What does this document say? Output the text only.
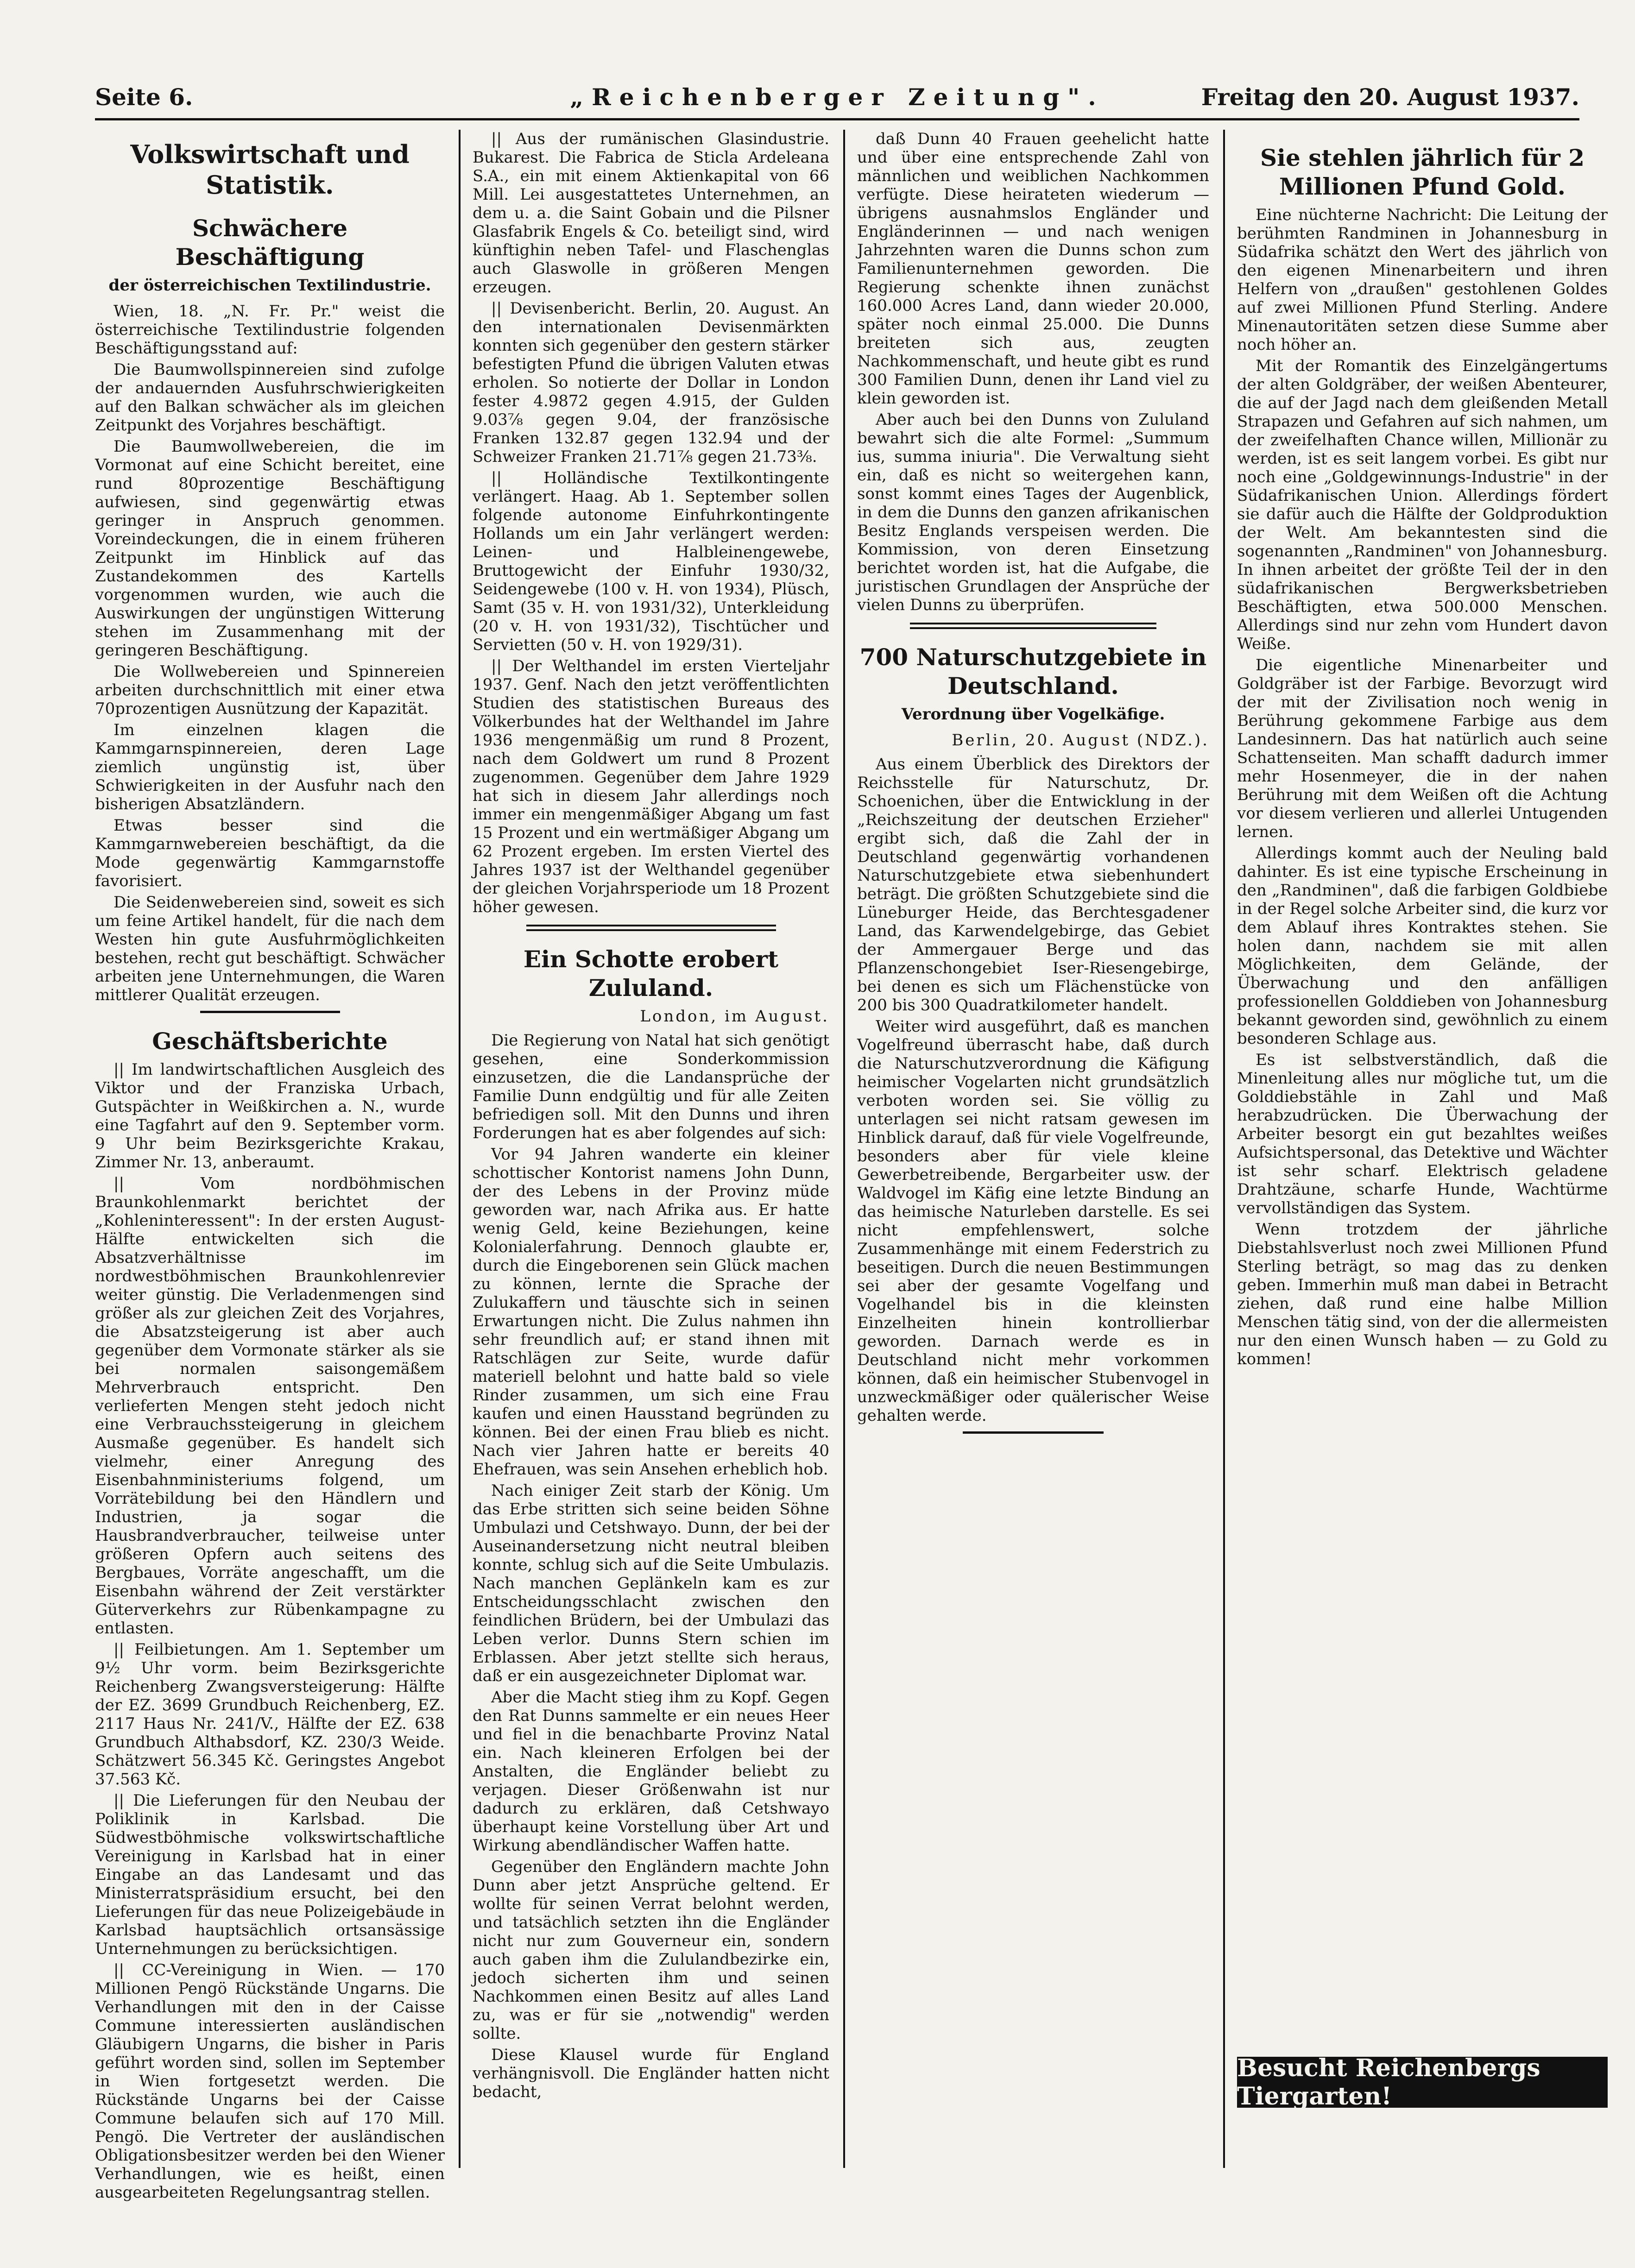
Seite 6.	„Reichenberger Zeitung".	Freitag den 20. August 1937.
Volkswirtschaft und Statistik.
Schwächere Beschäftigung
der österreichischen Textilindustrie.

Wien, 18. „N. Fr. Pr." weist die österreichische Textilindustrie folgenden Beschäftigungsstand auf:

Die Baumwollspinnereien sind zufolge der andauernden Ausfuhrschwierigkeiten auf den Balkan schwächer als im gleichen Zeitpunkt des Vorjahres beschäftigt.

Die Baumwollwebereien, die im Vormonat auf eine Schicht bereitet, eine rund 80prozentige Beschäftigung aufwiesen, sind gegenwärtig etwas geringer in Anspruch genommen. Voreindeckungen, die in einem früheren Zeitpunkt im Hinblick auf das Zustandekommen des Kartells vorgenommen wurden, wie auch die Auswirkungen der ungünstigen Witterung stehen im Zusammenhang mit der geringeren Beschäftigung.

Die Wollwebereien und Spinnereien arbeiten durchschnittlich mit einer etwa 70prozentigen Ausnützung der Kapazität.

Im einzelnen klagen die Kammgarnspinnereien, deren Lage ziemlich ungünstig ist, über Schwierigkeiten in der Ausfuhr nach den bisherigen Absatzländern.

Etwas besser sind die Kammgarnwebereien beschäftigt, da die Mode gegenwärtig Kammgarnstoffe favorisiert.

Die Seidenwebereien sind, soweit es sich um feine Artikel handelt, für die nach dem Westen hin gute Ausfuhrmöglichkeiten bestehen, recht gut beschäftigt. Schwächer arbeiten jene Unternehmungen, die Waren mittlerer Qualität erzeugen.

Geschäftsberichte

|| Im landwirtschaftlichen Ausgleich des Viktor und der Franziska Urbach, Gutspächter in Weißkirchen a. N., wurde eine Tagfahrt auf den 9. September vorm. 9 Uhr beim Bezirksgerichte Krakau, Zimmer Nr. 13, anberaumt.

|| Vom nordböhmischen Braunkohlenmarkt berichtet der „Kohleninteressent": In der ersten August-Hälfte entwickelten sich die Absatzverhältnisse im nordwestböhmischen Braunkohlenrevier weiter günstig. Die Verladenmengen sind größer als zur gleichen Zeit des Vorjahres, die Absatzsteigerung ist aber auch gegenüber dem Vormonate stärker als sie bei normalen saisongemäßem Mehrverbrauch entspricht. Den verlieferten Mengen steht jedoch nicht eine Verbrauchssteigerung in gleichem Ausmaße gegenüber. Es handelt sich vielmehr, einer Anregung des Eisenbahnministeriums folgend, um Vorrätebildung bei den Händlern und Industrien, ja sogar die Hausbrandverbraucher, teilweise unter größeren Opfern auch seitens des Bergbaues, Vorräte angeschafft, um die Eisenbahn während der Zeit verstärkter Güterverkehrs zur Rübenkampagne zu entlasten.

|| Feilbietungen. Am 1. September um 9½ Uhr vorm. beim Bezirksgerichte Reichenberg Zwangsversteigerung: Hälfte der EZ. 3699 Grundbuch Reichenberg, EZ. 2117 Haus Nr. 241/V., Hälfte der EZ. 638 Grundbuch Althabsdorf, KZ. 230/3 Weide. Schätzwert 56.345 Kč. Geringstes Angebot 37.563 Kč.

|| Die Lieferungen für den Neubau der Poliklinik in Karlsbad. Die Südwestböhmische volkswirtschaftliche Vereinigung in Karlsbad hat in einer Eingabe an das Landesamt und das Ministerratspräsidium ersucht, bei den Lieferungen für das neue Polizeigebäude in Karlsbad hauptsächlich ortsansässige Unternehmungen zu berücksichtigen.

|| CC-Vereinigung in Wien. — 170 Millionen Pengö Rückstände Ungarns. Die Verhandlungen mit den in der Caisse Commune interessierten ausländischen Gläubigern Ungarns, die bisher in Paris geführt worden sind, sollen im September in Wien fortgesetzt werden. Die Rückstände Ungarns bei der Caisse Commune belaufen sich auf 170 Mill. Pengö. Die Vertreter der ausländischen Obligationsbesitzer werden bei den Wiener Verhandlungen, wie es heißt, einen ausgearbeiteten Regelungsantrag stellen.

|| Aus der rumänischen Glasindustrie. Bukarest. Die Fabrica de Sticla Ardeleana S.A., ein mit einem Aktienkapital von 66 Mill. Lei ausgestattetes Unternehmen, an dem u. a. die Saint Gobain und die Pilsner Glasfabrik Engels & Co. beteiligt sind, wird künftighin neben Tafel- und Flaschenglas auch Glaswolle in größeren Mengen erzeugen.

|| Devisenbericht. Berlin, 20. August. An den internationalen Devisenmärkten konnten sich gegenüber den gestern stärker befestigten Pfund die übrigen Valuten etwas erholen. So notierte der Dollar in London fester 4.9872 gegen 4.915, der Gulden 9.03⅞ gegen 9.04, der französische Franken 132.87 gegen 132.94 und der Schweizer Franken 21.71⅞ gegen 21.73⅜.

|| Holländische Textilkontingente verlängert. Haag. Ab 1. September sollen folgende autonome Einfuhrkontingente Hollands um ein Jahr verlängert werden: Leinen- und Halbleinengewebe, Bruttogewicht der Einfuhr 1930/32, Seidengewebe (100 v. H. von 1934), Plüsch, Samt (35 v. H. von 1931/32), Unterkleidung (20 v. H. von 1931/32), Tischtücher und Servietten (50 v. H. von 1929/31).

|| Der Welthandel im ersten Vierteljahr 1937. Genf. Nach den jetzt veröffentlichten Studien des statistischen Bureaus des Völkerbundes hat der Welthandel im Jahre 1936 mengenmäßig um rund 8 Prozent, nach dem Goldwert um rund 8 Prozent zugenommen. Gegenüber dem Jahre 1929 hat sich in diesem Jahr allerdings noch immer ein mengenmäßiger Abgang um fast 15 Prozent und ein wertmäßiger Abgang um 62 Prozent ergeben. Im ersten Viertel des Jahres 1937 ist der Welthandel gegenüber der gleichen Vorjahrsperiode um 18 Prozent höher gewesen.

Ein Schotte erobert Zululand.
London, im August.

Die Regierung von Natal hat sich genötigt gesehen, eine Sonderkommission einzusetzen, die die Landansprüche der Familie Dunn endgültig und für alle Zeiten befriedigen soll. Mit den Dunns und ihren Forderungen hat es aber folgendes auf sich:

Vor 94 Jahren wanderte ein kleiner schottischer Kontorist namens John Dunn, der des Lebens in der Provinz müde geworden war, nach Afrika aus. Er hatte wenig Geld, keine Beziehungen, keine Kolonialerfahrung. Dennoch glaubte er, durch die Eingeborenen sein Glück machen zu können, lernte die Sprache der Zulukaffern und täuschte sich in seinen Erwartungen nicht. Die Zulus nahmen ihn sehr freundlich auf; er stand ihnen mit Ratschlägen zur Seite, wurde dafür materiell belohnt und hatte bald so viele Rinder zusammen, um sich eine Frau kaufen und einen Hausstand begründen zu können. Bei der einen Frau blieb es nicht. Nach vier Jahren hatte er bereits 40 Ehefrauen, was sein Ansehen erheblich hob.

Nach einiger Zeit starb der König. Um das Erbe stritten sich seine beiden Söhne Umbulazi und Cetshwayo. Dunn, der bei der Auseinandersetzung nicht neutral bleiben konnte, schlug sich auf die Seite Umbulazis. Nach manchen Geplänkeln kam es zur Entscheidungsschlacht zwischen den feindlichen Brüdern, bei der Umbulazi das Leben verlor. Dunns Stern schien im Erblassen. Aber jetzt stellte sich heraus, daß er ein ausgezeichneter Diplomat war.

Aber die Macht stieg ihm zu Kopf. Gegen den Rat Dunns sammelte er ein neues Heer und fiel in die benachbarte Provinz Natal ein. Nach kleineren Erfolgen bei der Anstalten, die Engländer beliebt zu verjagen. Dieser Größenwahn ist nur dadurch zu erklären, daß Cetshwayo überhaupt keine Vorstellung über Art und Wirkung abendländischer Waffen hatte.

Gegenüber den Engländern machte John Dunn aber jetzt Ansprüche geltend. Er wollte für seinen Verrat belohnt werden, und tatsächlich setzten ihn die Engländer nicht nur zum Gouverneur ein, sondern auch gaben ihm die Zululandbezirke ein, jedoch sicherten ihm und seinen Nachkommen einen Besitz auf alles Land zu, was er für sie „notwendig" werden sollte.

Diese Klausel wurde für England verhängnisvoll. Die Engländer hatten nicht bedacht,

daß Dunn 40 Frauen geehelicht hatte und über eine entsprechende Zahl von männlichen und weiblichen Nachkommen verfügte. Diese heirateten wiederum — übrigens ausnahmslos Engländer und Engländerinnen — und nach wenigen Jahrzehnten waren die Dunns schon zum Familienunternehmen geworden. Die Regierung schenkte ihnen zunächst 160.000 Acres Land, dann wieder 20.000, später noch einmal 25.000. Die Dunns breiteten sich aus, zeugten Nachkommenschaft, und heute gibt es rund 300 Familien Dunn, denen ihr Land viel zu klein geworden ist.

Aber auch bei den Dunns von Zululand bewahrt sich die alte Formel: „Summum ius, summa iniuria". Die Verwaltung sieht ein, daß es nicht so weitergehen kann, sonst kommt eines Tages der Augenblick, in dem die Dunns den ganzen afrikanischen Besitz Englands verspeisen werden. Die Kommission, von deren Einsetzung berichtet worden ist, hat die Aufgabe, die juristischen Grundlagen der Ansprüche der vielen Dunns zu überprüfen.

700 Naturschutzgebiete in Deutschland.
Verordnung über Vogelkäfige.
Berlin, 20. August (NDZ.).

Aus einem Überblick des Direktors der Reichsstelle für Naturschutz, Dr. Schoenichen, über die Entwicklung in der „Reichszeitung der deutschen Erzieher" ergibt sich, daß die Zahl der in Deutschland gegenwärtig vorhandenen Naturschutzgebiete etwa siebenhundert beträgt. Die größten Schutzgebiete sind die Lüneburger Heide, das Berchtesgadener Land, das Karwendelgebirge, das Gebiet der Ammergauer Berge und das Pflanzenschongebiet Iser-Riesengebirge, bei denen es sich um Flächenstücke von 200 bis 300 Quadratkilometer handelt.

Weiter wird ausgeführt, daß es manchen Vogelfreund überrascht habe, daß durch die Naturschutzverordnung die Käfigung heimischer Vogelarten nicht grundsätzlich verboten worden sei. Sie völlig zu unterlagen sei nicht ratsam gewesen im Hinblick darauf, daß für viele Vogelfreunde, besonders aber für viele kleine Gewerbetreibende, Bergarbeiter usw. der Waldvogel im Käfig eine letzte Bindung an das heimische Naturleben darstelle. Es sei nicht empfehlenswert, solche Zusammenhänge mit einem Federstrich zu beseitigen. Durch die neuen Bestimmungen sei aber der gesamte Vogelfang und Vogelhandel bis in die kleinsten Einzelheiten hinein kontrollierbar geworden. Darnach werde es in Deutschland nicht mehr vorkommen können, daß ein heimischer Stubenvogel in unzweckmäßiger oder quälerischer Weise gehalten werde.

Sie stehlen jährlich für 2 Millionen Pfund Gold.

Eine nüchterne Nachricht: Die Leitung der berühmten Randminen in Johannesburg in Südafrika schätzt den Wert des jährlich von den eigenen Minenarbeitern und ihren Helfern von „draußen" gestohlenen Goldes auf zwei Millionen Pfund Sterling. Andere Minenautoritäten setzen diese Summe aber noch höher an.

Mit der Romantik des Einzelgängertums der alten Goldgräber, der weißen Abenteurer, die auf der Jagd nach dem gleißenden Metall Strapazen und Gefahren auf sich nahmen, um der zweifelhaften Chance willen, Millionär zu werden, ist es seit langem vorbei. Es gibt nur noch eine „Goldgewinnungs-Industrie" in der Südafrikanischen Union. Allerdings fördert sie dafür auch die Hälfte der Goldproduktion der Welt. Am bekanntesten sind die sogenannten „Randminen" von Johannesburg. In ihnen arbeitet der größte Teil der in den südafrikanischen Bergwerksbetrieben Beschäftigten, etwa 500.000 Menschen. Allerdings sind nur zehn vom Hundert davon Weiße.

Die eigentliche Minenarbeiter und Goldgräber ist der Farbige. Bevorzugt wird der mit der Zivilisation noch wenig in Berührung gekommene Farbige aus dem Landesinnern. Das hat natürlich auch seine Schattenseiten. Man schafft dadurch immer mehr Hosenmeyer, die in der nahen Berührung mit dem Weißen oft die Achtung vor diesem verlieren und allerlei Untugenden lernen.

Allerdings kommt auch der Neuling bald dahinter. Es ist eine typische Erscheinung in den „Randminen", daß die farbigen Goldbiebe in der Regel solche Arbeiter sind, die kurz vor dem Ablauf ihres Kontraktes stehen. Sie holen dann, nachdem sie mit allen Möglichkeiten, dem Gelände, der Überwachung und den anfälligen professionellen Golddieben von Johannesburg bekannt geworden sind, gewöhnlich zu einem besonderen Schlage aus.

Es ist selbstverständlich, daß die Minenleitung alles nur mögliche tut, um die Golddiebstähle in Zahl und Maß herabzudrücken. Die Überwachung der Arbeiter besorgt ein gut bezahltes weißes Aufsichtspersonal, das Detektive und Wächter ist sehr scharf. Elektrisch geladene Drahtzäune, scharfe Hunde, Wachtürme vervollständigen das System.

Wenn trotzdem der jährliche Diebstahlsverlust noch zwei Millionen Pfund Sterling beträgt, so mag das zu denken geben. Immerhin muß man dabei in Betracht ziehen, daß rund eine halbe Million Menschen tätig sind, von der die allermeisten nur den einen Wunsch haben — zu Gold zu kommen!

Besucht Reichenbergs Tiergarten!
